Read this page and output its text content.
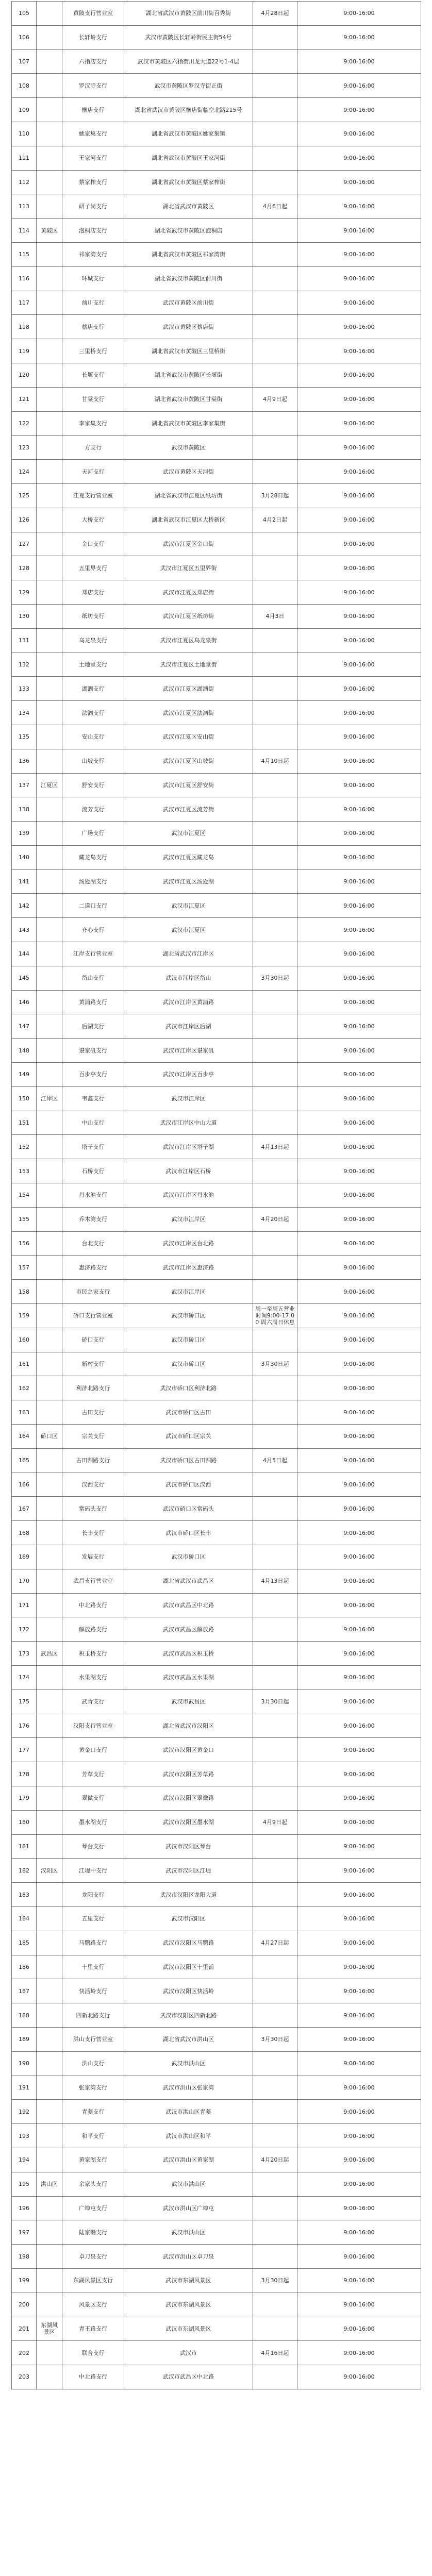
105		黄陂支行营业室	湖北省武汉市黄陂区前川街百秀街	4月28日起	9:00-16:00
106		长轩岭支行	武汉市黄陂区长轩岭街民主街54号		9:00-16:00
107		六指店支行	武汉市黄陂区六指街川龙大道22号1-4层		9:00-16:00
108		罗汉寺支行	武汉市黄陂区罗汉寺街正街		9:00-16:00
109		横店支行	湖北省武汉市黄陂区横店街临空北路215号		9:00-16:00
110		姚家集支行	湖北省武汉市黄陂区姚家集镇		9:00-16:00
111		王家河支行	湖北省武汉市黄陂区王家河街		9:00-16:00
112		蔡家榨支行	湖北省武汉市黄陂区蔡家榨街		9:00-16:00
113		研子岗支行	湖北省武汉市黄陂区	4月6日起	9:00-16:00
114	黄陂区	泡桐店支行	湖北省武汉市黄陂区泡桐店		9:00-16:00
115		祁家湾支行	湖北省武汉市黄陂区祁家湾街		9:00-16:00
116		环城支行	湖北省武汉市黄陂区前川街		9:00-16:00
117		前川支行	武汉市黄陂区前川街		9:00-16:00
118		蔡店支行	武汉市黄陂区蔡店街		9:00-16:00
119		三里桥支行	湖北省武汉市黄陂区三里桥街		9:00-16:00
120		长堰支行	湖北省武汉市黄陂区长堰街		9:00-16:00
121		甘棠支行	湖北省武汉市黄陂区甘棠街	4月9日起	9:00-16:00
122		李家集支行	湖北省武汉市黄陂区李家集街		9:00-16:00
123		方支行	武汉市黄陂区		9:00-16:00
124		天河支行	武汉市黄陂区天河街		9:00-16:00
125		江夏支行营业室	湖北省武汉市江夏区纸坊街	3月28日起	9:00-16:00
126		大桥支行	湖北省武汉市江夏区大桥新区	4月2日起	9:00-16:00
127		金口支行	武汉市江夏区金口街		9:00-16:00
128		五里界支行	武汉市江夏区五里界街		9:00-16:00
129		郑店支行	武汉市江夏区郑店街		9:00-16:00
130		纸坊支行	武汉市江夏区纸坊街	4月3日	9:00-16:00
131		乌龙泉支行	武汉市江夏区乌龙泉街		9:00-16:00
132		土地堂支行	武汉市江夏区土地堂街		9:00-16:00
133		湖泗支行	武汉市江夏区湖泗街		9:00-16:00
134		法泗支行	武汉市江夏区法泗街		9:00-16:00
135		安山支行	武汉市江夏区安山街		9:00-16:00
136		山坡支行	武汉市江夏区山坡街	4月10日起	9:00-16:00
137	江夏区	舒安支行	武汉市江夏区舒安街		9:00-16:00
138		流芳支行	武汉市江夏区流芳街		9:00-16:00
139		广场支行	武汉市江夏区		9:00-16:00
140		藏龙岛支行	武汉市江夏区藏龙岛		9:00-16:00
141		汤逊湖支行	武汉市江夏区汤逊湖		9:00-16:00
142		二道口支行	武汉市江夏区		9:00-16:00
143		齐心支行	武汉市江夏区		9:00-16:00
144		江岸支行营业室	湖北省武汉市江岸区		9:00-16:00
145		岱山支行	武汉市江岸区岱山	3月30日起	9:00-16:00
146		黄浦路支行	武汉市江岸区黄浦路		9:00-16:00
147		后湖支行	武汉市江岸区后湖		9:00-16:00
148		谌家矶支行	武汉市江岸区谌家矶		9:00-16:00
149		百步亭支行	武汉市江岸区百步亭		9:00-16:00
150	江岸区	韦鑫支行	武汉市江岸区		9:00-16:00
151		中山支行	武汉市江岸区中山大道		9:00-16:00
152		塔子支行	武汉市江岸区塔子湖	4月13日起	9:00-16:00
153		石桥支行	武汉市江岸区石桥		9:00-16:00
154		丹水池支行	武汉市江岸区丹水池		9:00-16:00
155		乔木湾支行	武汉市江岸区	4月20日起	9:00-16:00
156		台北支行	武汉市江岸区台北路		9:00-16:00
157		惠济路支行	武汉市江岸区惠济路		9:00-16:00
158		市民之家支行	武汉市江岸区		9:00-16:00
159		硚口支行营业室	武汉市硚口区	周一至周五营业时间9:00-17:00 周六周日休息	9:00-16:00
160		硚口支行	武汉市硚口区		9:00-16:00
161		新村支行	武汉市硚口区	3月30日起	9:00-16:00
162		利济北路支行	武汉市硚口区利济北路		9:00-16:00
163		古田支行	武汉市硚口区古田		9:00-16:00
164	硚口区	宗关支行	武汉市硚口区宗关		9:00-16:00
165		古田四路支行	武汉市硚口区古田四路	4月5日起	9:00-16:00
166		汉西支行	武汉市硚口区汉西		9:00-16:00
167		常码头支行	武汉市硚口区常码头		9:00-16:00
168		长丰支行	武汉市硚口区长丰		9:00-16:00
169		发展支行	武汉市硚口区		9:00-16:00
170		武昌支行营业室	湖北省武汉市武昌区	4月13日起	9:00-16:00
171		中北路支行	武汉市武昌区中北路		9:00-16:00
172		解放路支行	武汉市武昌区解放路		9:00-16:00
173	武昌区	积玉桥支行	武汉市武昌区积玉桥		9:00-16:00
174		水果湖支行	武汉市武昌区水果湖		9:00-16:00
175		武青支行	武汉市武昌区	3月30日起	9:00-16:00
176		汉阳支行营业室	湖北省武汉市汉阳区		9:00-16:00
177		黄金口支行	武汉市汉阳区黄金口		9:00-16:00
178		芳草支行	武汉市汉阳区芳草路		9:00-16:00
179		翠微支行	武汉市汉阳区翠微路		9:00-16:00
180		墨水湖支行	武汉市汉阳区墨水湖	4月9日起	9:00-16:00
181		琴台支行	武汉市汉阳区琴台		9:00-16:00
182	汉阳区	江堤中支行	武汉市汉阳区江堤		9:00-16:00
183		龙阳支行	武汉市汉阳区龙阳大道		9:00-16:00
184		五里支行	武汉市汉阳区		9:00-16:00
185		马鹦路支行	武汉市汉阳区马鹦路	4月27日起	9:00-16:00
186		十里支行	武汉市汉阳区十里铺		9:00-16:00
187		快活岭支行	武汉市汉阳区快活岭		9:00-16:00
188		四新北路支行	武汉市汉阳区四新北路		9:00-16:00
189		洪山支行营业室	湖北省武汉市洪山区	3月30日起	9:00-16:00
190		洪山支行	武汉市洪山区		9:00-16:00
191		张家湾支行	武汉市洪山区张家湾		9:00-16:00
192		青菱支行	武汉市洪山区青菱		9:00-16:00
193		和平支行	武汉市洪山区和平		9:00-16:00
194		黄家湖支行	武汉市洪山区黄家湖	4月20日起	9:00-16:00
195	洪山区	余家头支行	武汉市洪山区		9:00-16:00
196		广埠屯支行	武汉市洪山区广埠屯		9:00-16:00
197		陆家嘴支行	武汉市洪山区		9:00-16:00
198		卓刀泉支行	武汉市洪山区卓刀泉		9:00-16:00
199		东湖风景区支行	武汉市东湖风景区	3月30日起	9:00-16:00
200		风景区支行	武汉市东湖风景区		9:00-16:00
201	东湖风景区	青王路支行	武汉市东湖风景区		9:00-16:00
202		联合支行	武汉市	4月16日起	9:00-16:00
203		中北路支行	武汉市武昌区中北路		9:00-16:00
